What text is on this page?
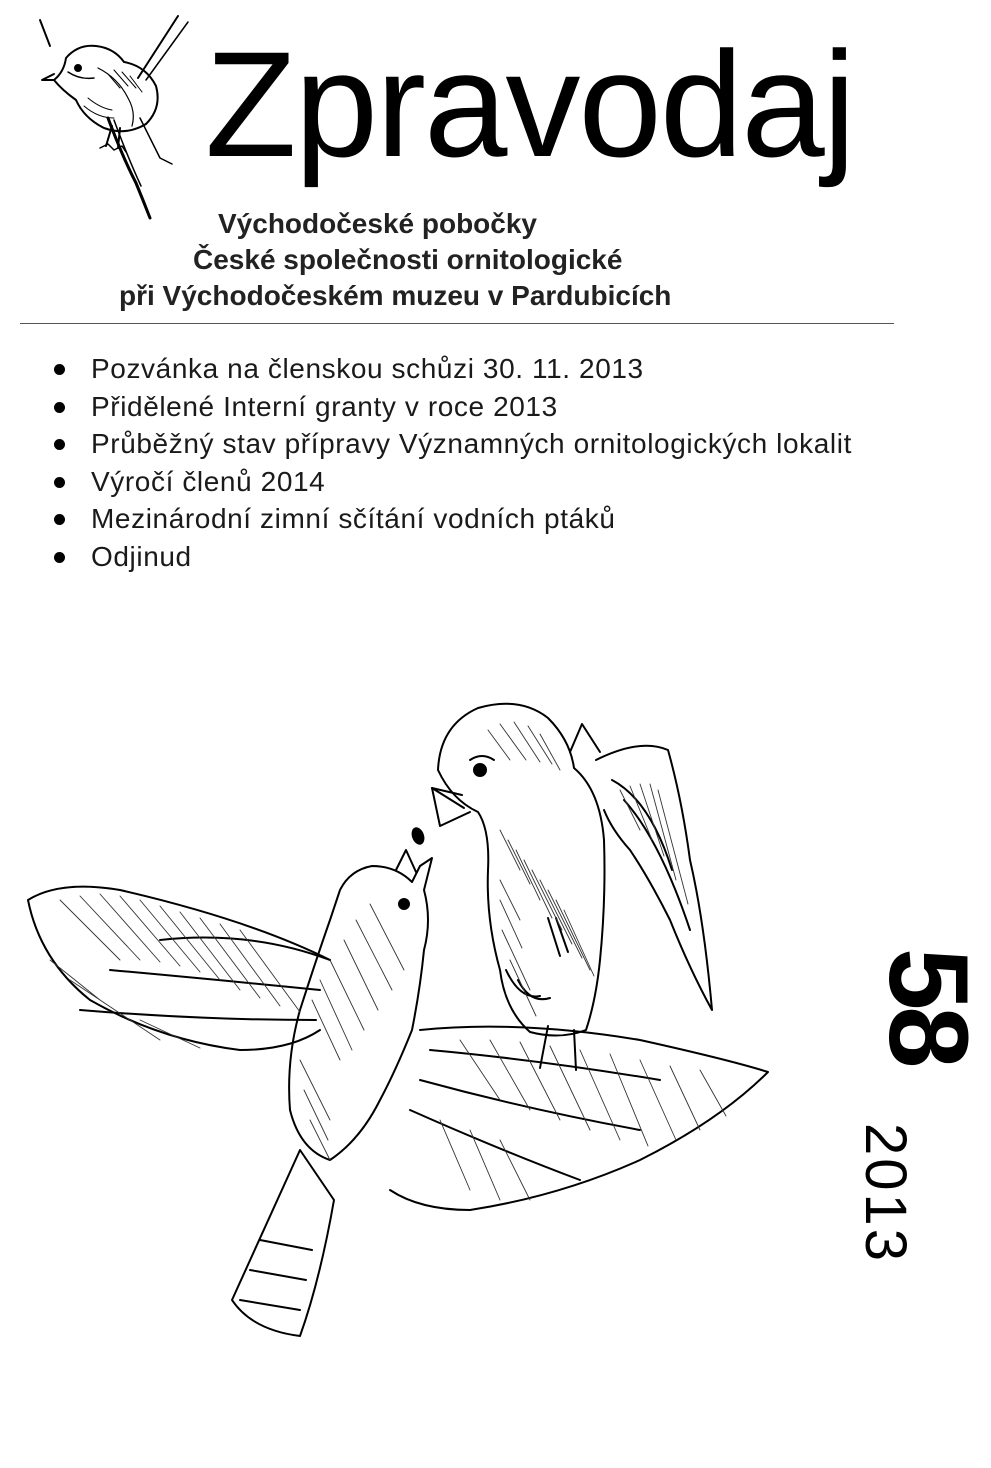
Zpravodaj
Východočeské pobočky
České společnosti ornitologické
při Východočeském muzeu v Pardubicích
Pozvánka na členskou schůzi 30. 11. 2013
Přidělené Interní granty v roce 2013
Průběžný stav přípravy Významných ornitologických lokalit
Výročí členů 2014
Mezinárodní zimní sčítání vodních ptáků
Odjinud
58
2013
